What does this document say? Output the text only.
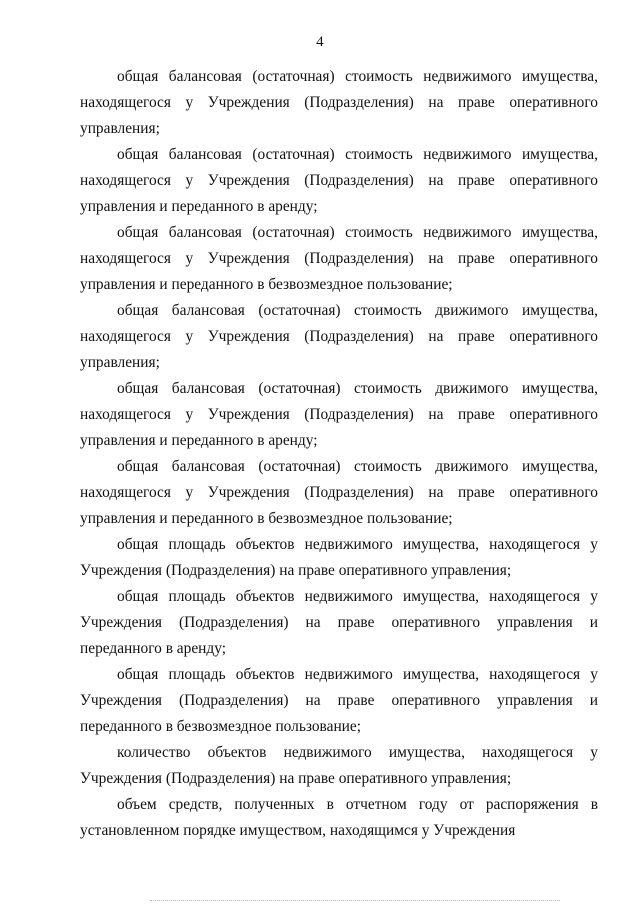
4

общая балансовая (остаточная) стоимость недвижимого имущества, находящегося у Учреждения (Подразделения) на праве оперативного управления;

общая балансовая (остаточная) стоимость недвижимого имущества, находящегося у Учреждения (Подразделения) на праве оперативного управления и переданного в аренду;

общая балансовая (остаточная) стоимость недвижимого имущества, находящегося у Учреждения (Подразделения) на праве оперативного управления и переданного в безвозмездное пользование;

общая балансовая (остаточная) стоимость движимого имущества, находящегося у Учреждения (Подразделения) на праве оперативного управления;

общая балансовая (остаточная) стоимость движимого имущества, находящегося у Учреждения (Подразделения) на праве оперативного управления и переданного в аренду;

общая балансовая (остаточная) стоимость движимого имущества, находящегося у Учреждения (Подразделения) на праве оперативного управления и переданного в безвозмездное пользование;

общая площадь объектов недвижимого имущества, находящегося у Учреждения (Подразделения) на праве оперативного управления;

общая площадь объектов недвижимого имущества, находящегося у Учреждения (Подразделения) на праве оперативного управления и переданного в аренду;

общая площадь объектов недвижимого имущества, находящегося у Учреждения (Подразделения) на праве оперативного управления и переданного в безвозмездное пользование;

количество объектов недвижимого имущества, находящегося у Учреждения (Подразделения) на праве оперативного управления;

объем средств, полученных в отчетном году от распоряжения в установленном порядке имуществом, находящимся у Учреждения
